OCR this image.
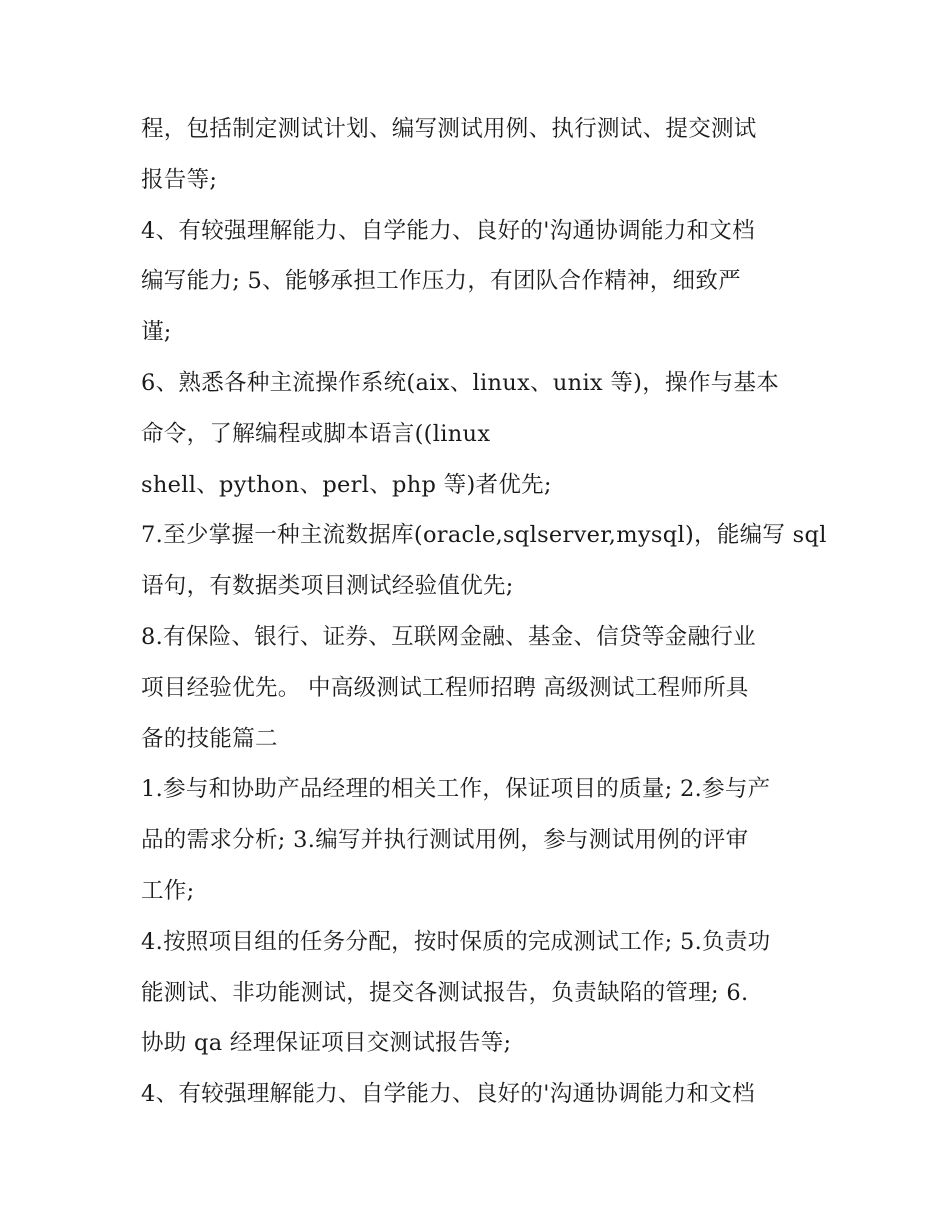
程，包括制定测试计划、编写测试用例、执行测试、提交测试
报告等;
4、有较强理解能力、自学能力、良好的'沟通协调能力和文档
编写能力; 5、能够承担工作压力，有团队合作精神，细致严
谨;
6、熟悉各种主流操作系统(aix、linux、unix 等)，操作与基本
命令，了解编程或脚本语言((linux
shell、python、perl、php 等)者优先;
7.至少掌握一种主流数据库(oracle,sqlserver,mysql)，能编写 sql
语句，有数据类项目测试经验值优先;
8.有保险、银行、证券、互联网金融、基金、信贷等金融行业
项目经验优先。 中高级测试工程师招聘 高级测试工程师所具
备的技能篇二
1.参与和协助产品经理的相关工作，保证项目的质量; 2.参与产
品的需求分析; 3.编写并执行测试用例，参与测试用例的评审
工作;
4.按照项目组的任务分配，按时保质的完成测试工作; 5.负责功
能测试、非功能测试，提交各测试报告，负责缺陷的管理; 6.
协助 qa 经理保证项目交测试报告等;
4、有较强理解能力、自学能力、良好的'沟通协调能力和文档
